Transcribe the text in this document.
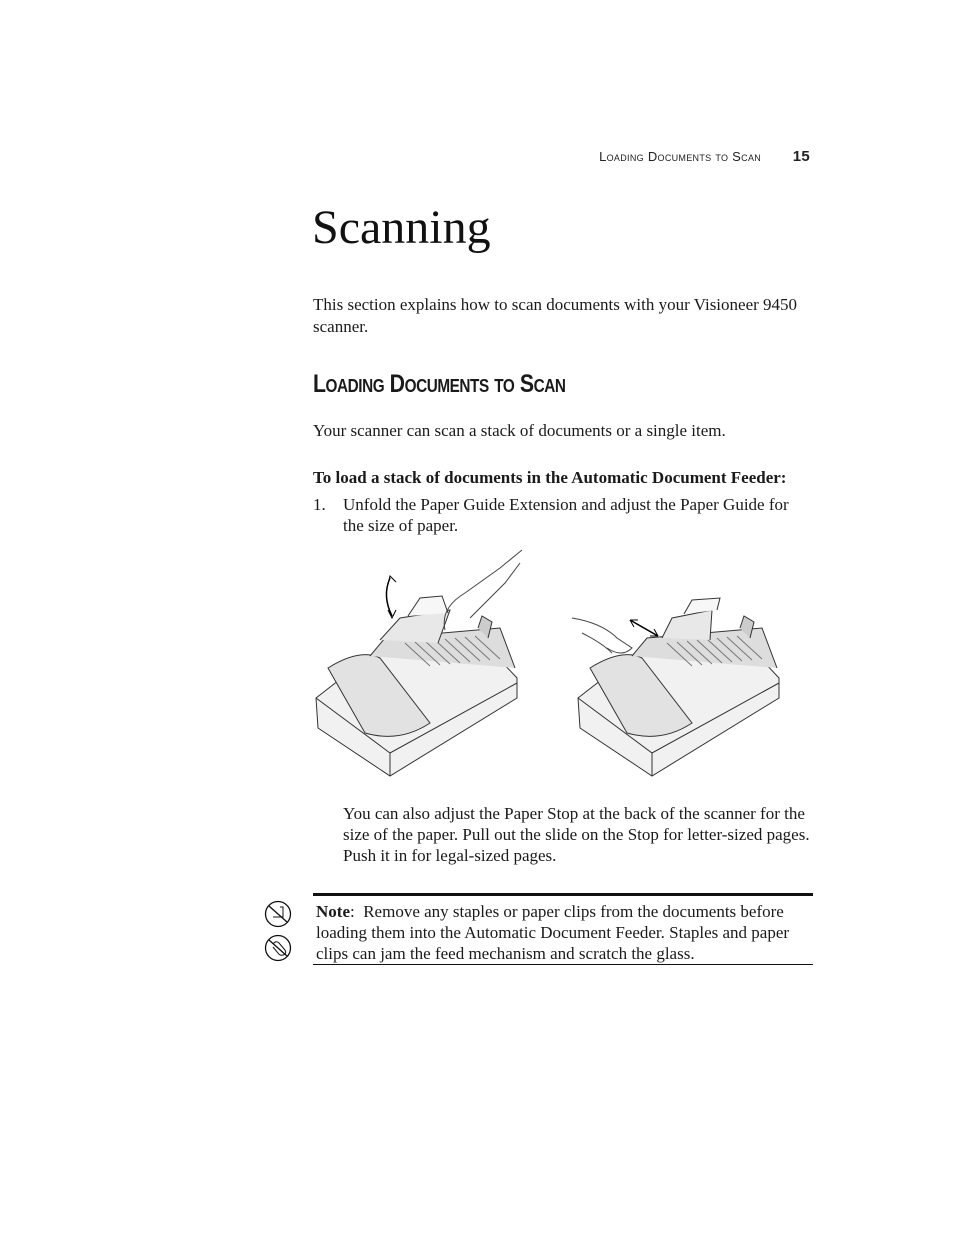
Loading Documents to Scan 15
Scanning

This section explains how to scan documents with your Visioneer 9450 scanner.

Loading Documents to Scan

Your scanner can scan a stack of documents or a single item.

To load a stack of documents in the Automatic Document Feeder:

1. Unfold the Paper Guide Extension and adjust the Paper Guide for the size of paper.

You can also adjust the Paper Stop at the back of the scanner for the size of the paper. Pull out the slide on the Stop for letter-sized pages. Push it in for legal-sized pages.

Note: Remove any staples or paper clips from the documents before loading them into the Automatic Document Feeder. Staples and paper clips can jam the feed mechanism and scratch the glass.
